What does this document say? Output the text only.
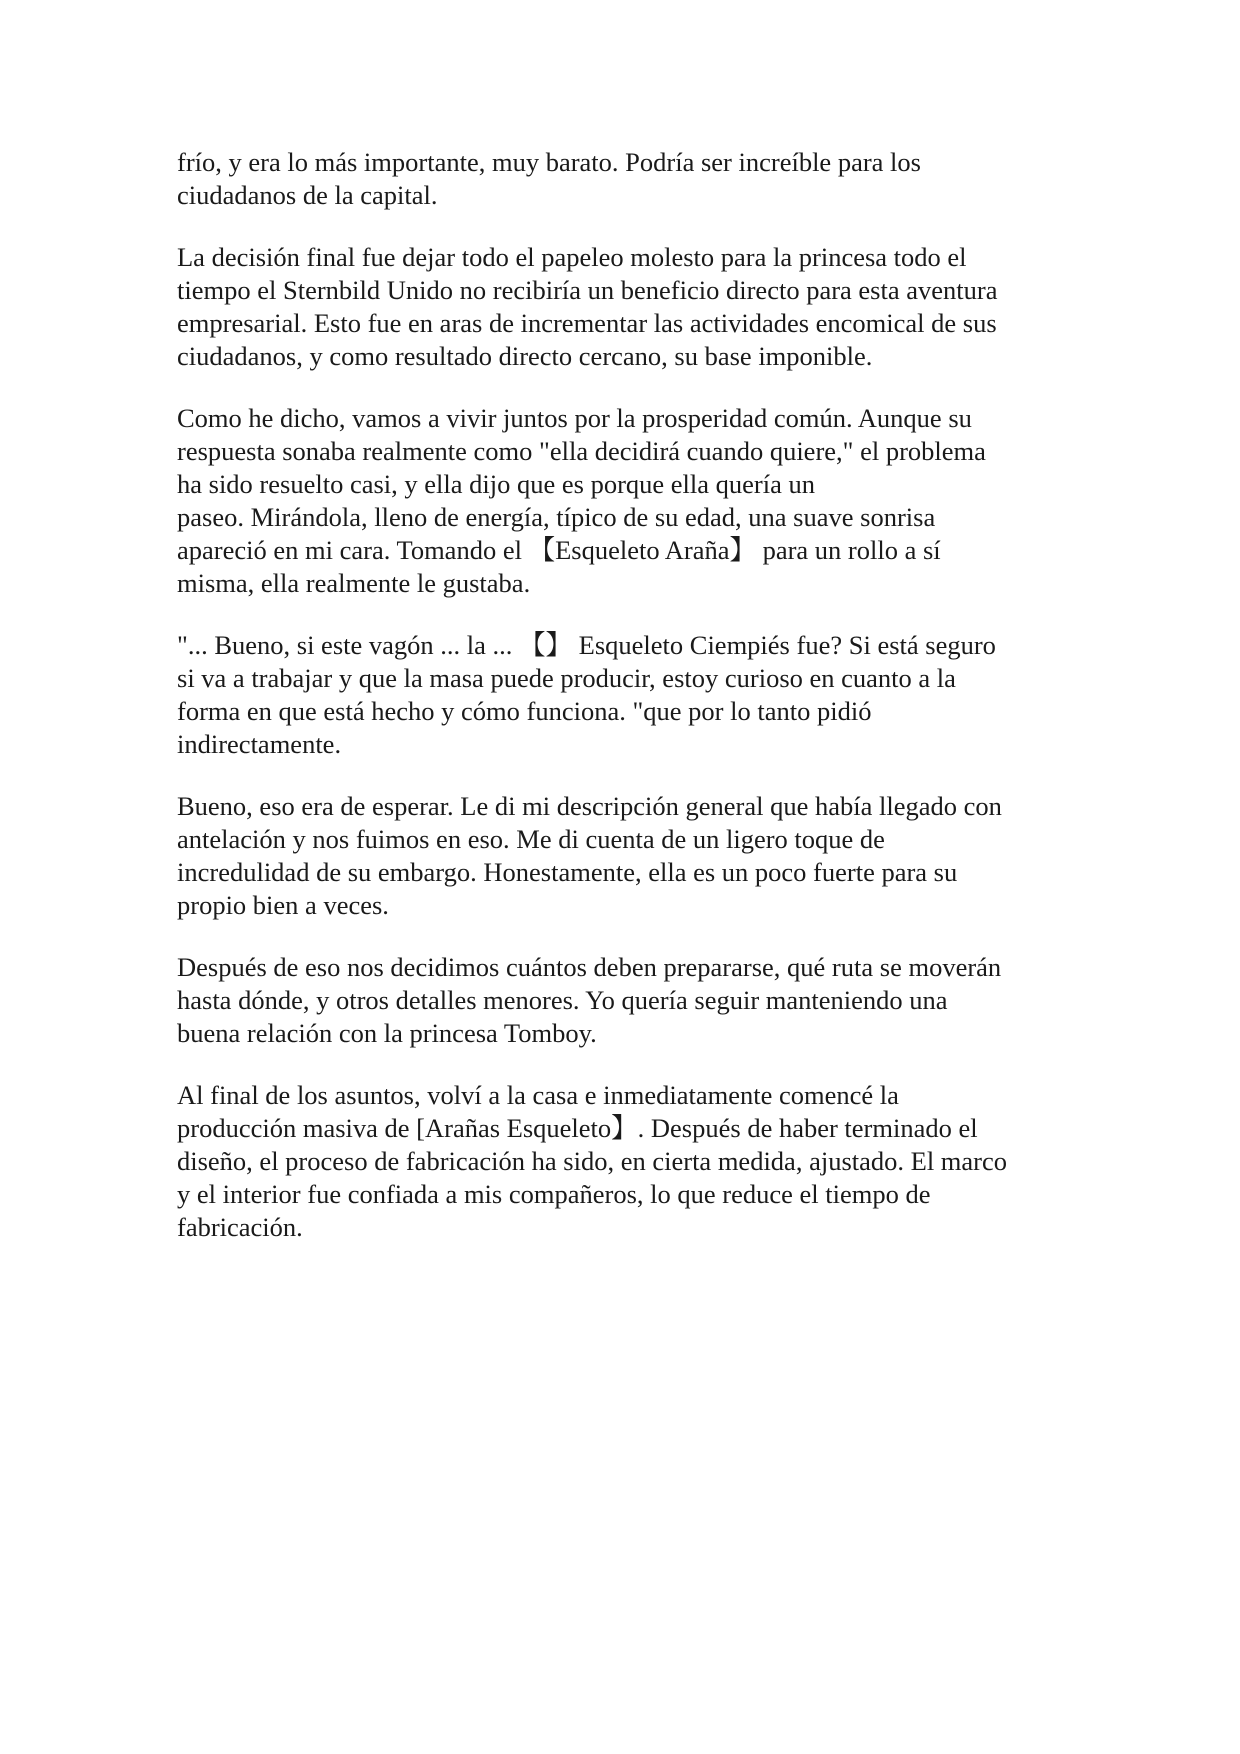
frío, y era lo más importante, muy barato. Podría ser increíble para los
ciudadanos de la capital.

La decisión final fue dejar todo el papeleo molesto para la princesa todo el
tiempo el Sternbild Unido no recibiría un beneficio directo para esta aventura
empresarial. Esto fue en aras de incrementar las actividades encomical de sus
ciudadanos, y como resultado directo cercano, su base imponible.

Como he dicho, vamos a vivir juntos por la prosperidad común. Aunque su
respuesta sonaba realmente como "ella decidirá cuando quiere," el problema
ha sido resuelto casi, y ella dijo que es porque ella quería un
paseo. Mirándola, lleno de energía, típico de su edad, una suave sonrisa
apareció en mi cara. Tomando el 【Esqueleto Araña】 para un rollo a sí
misma, ella realmente le gustaba.

"... Bueno, si este vagón ... la ... 【】 Esqueleto Ciempiés fue? Si está seguro
si va a trabajar y que la masa puede producir, estoy curioso en cuanto a la
forma en que está hecho y cómo funciona. "que por lo tanto pidió
indirectamente.

Bueno, eso era de esperar. Le di mi descripción general que había llegado con
antelación y nos fuimos en eso. Me di cuenta de un ligero toque de
incredulidad de su embargo. Honestamente, ella es un poco fuerte para su
propio bien a veces.

Después de eso nos decidimos cuántos deben prepararse, qué ruta se moverán
hasta dónde, y otros detalles menores. Yo quería seguir manteniendo una
buena relación con la princesa Tomboy.

Al final de los asuntos, volví a la casa e inmediatamente comencé la
producción masiva de [Arañas Esqueleto】. Después de haber terminado el
diseño, el proceso de fabricación ha sido, en cierta medida, ajustado. El marco
y el interior fue confiada a mis compañeros, lo que reduce el tiempo de
fabricación.
